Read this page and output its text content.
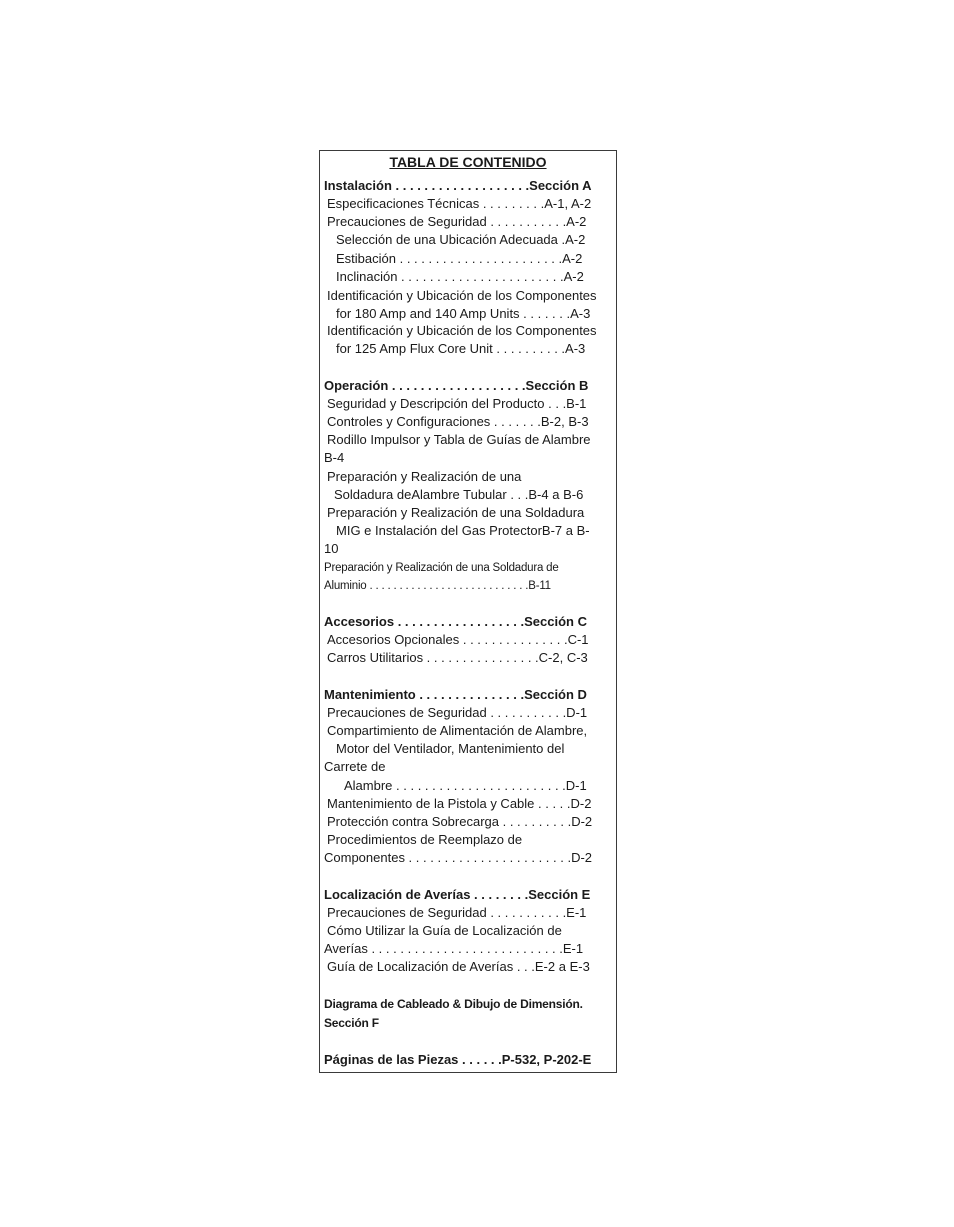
TABLA DE CONTENIDO
Instalación . . . . . . . . . . . . . . . . . . .Sección A
Especificaciones Técnicas . . . . . . . . .A-1, A-2
Precauciones de Seguridad . . . . . . . . . . .A-2
Selección de una Ubicación Adecuada .A-2
Estibación . . . . . . . . . . . . . . . . . . . . . . .A-2
Inclinación . . . . . . . . . . . . . . . . . . . . . . .A-2
Identificación y Ubicación de los Componentes
for 180 Amp and 140 Amp Units . . . . . . .A-3
Identificación y Ubicación de los Componentes
for 125 Amp Flux Core Unit . . . . . . . . . .A-3
Operación . . . . . . . . . . . . . . . . . . .Sección B
Seguridad y Descripción del Producto . . .B-1
Controles y Configuraciones . . . . . . .B-2, B-3
Rodillo Impulsor y Tabla de Guías de Alambre
B-4
Preparación y Realización de una
Soldadura deAlambre Tubular . . .B-4 a B-6
Preparación y Realización de una Soldadura
MIG e Instalación del Gas ProtectorB-7 a B-
10
Preparación y Realización de una Soldadura de
Aluminio . . . . . . . . . . . . . . . . . . . . . . . . . . .B-11
Accesorios . . . . . . . . . . . . . . . . . .Sección C
Accesorios Opcionales . . . . . . . . . . . . . . .C-1
Carros Utilitarios . . . . . . . . . . . . . . . .C-2, C-3
Mantenimiento . . . . . . . . . . . . . . .Sección D
Precauciones de Seguridad . . . . . . . . . . .D-1
Compartimiento de Alimentación de Alambre,
Motor del Ventilador, Mantenimiento del
Carrete de
Alambre . . . . . . . . . . . . . . . . . . . . . . . .D-1
Mantenimiento de la Pistola y Cable . . . . .D-2
Protección contra Sobrecarga . . . . . . . . . .D-2
Procedimientos de Reemplazo de
Componentes . . . . . . . . . . . . . . . . . . . . . . .D-2
Localización de Averías . . . . . . . .Sección E
Precauciones de Seguridad . . . . . . . . . . .E-1
Cómo Utilizar la Guía de Localización de
Averías . . . . . . . . . . . . . . . . . . . . . . . . . . .E-1
Guía de Localización de Averías . . .E-2 a E-3
Diagrama de Cableado & Dibujo de Dimensión.
Sección F
Páginas de las Piezas . . . . . .P-532, P-202-E
